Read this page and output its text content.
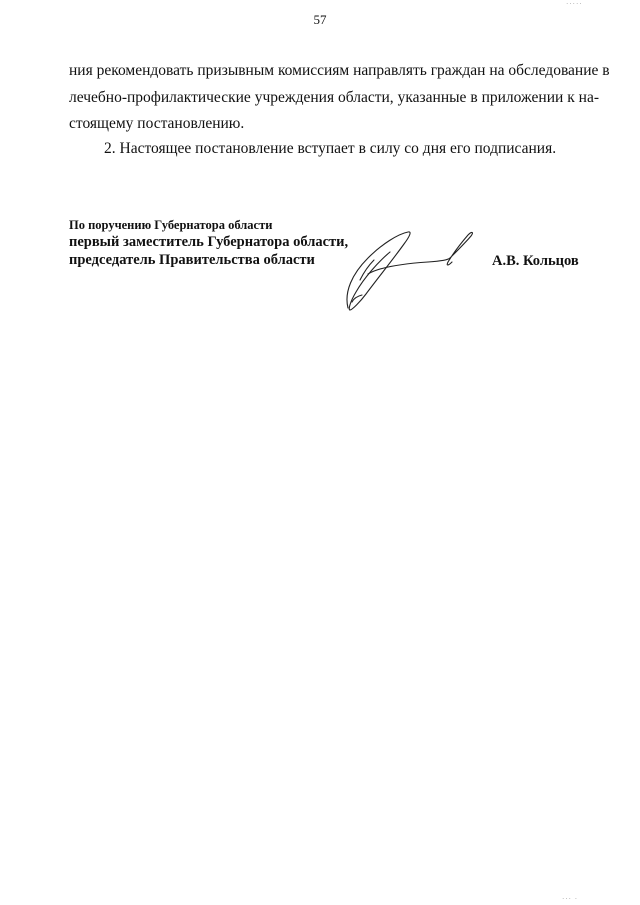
·····
57
ния рекомендовать призывным комиссиям направлять граждан на обследование в
лечебно-профилактические учреждения области, указанные в приложении к на-
стоящему постановлению.
2. Настоящее постановление вступает в силу со дня его подписания.
По поручению Губернатора области
первый заместитель Губернатора области,
председатель Правительства области	А.В. Кольцов
··· ·
